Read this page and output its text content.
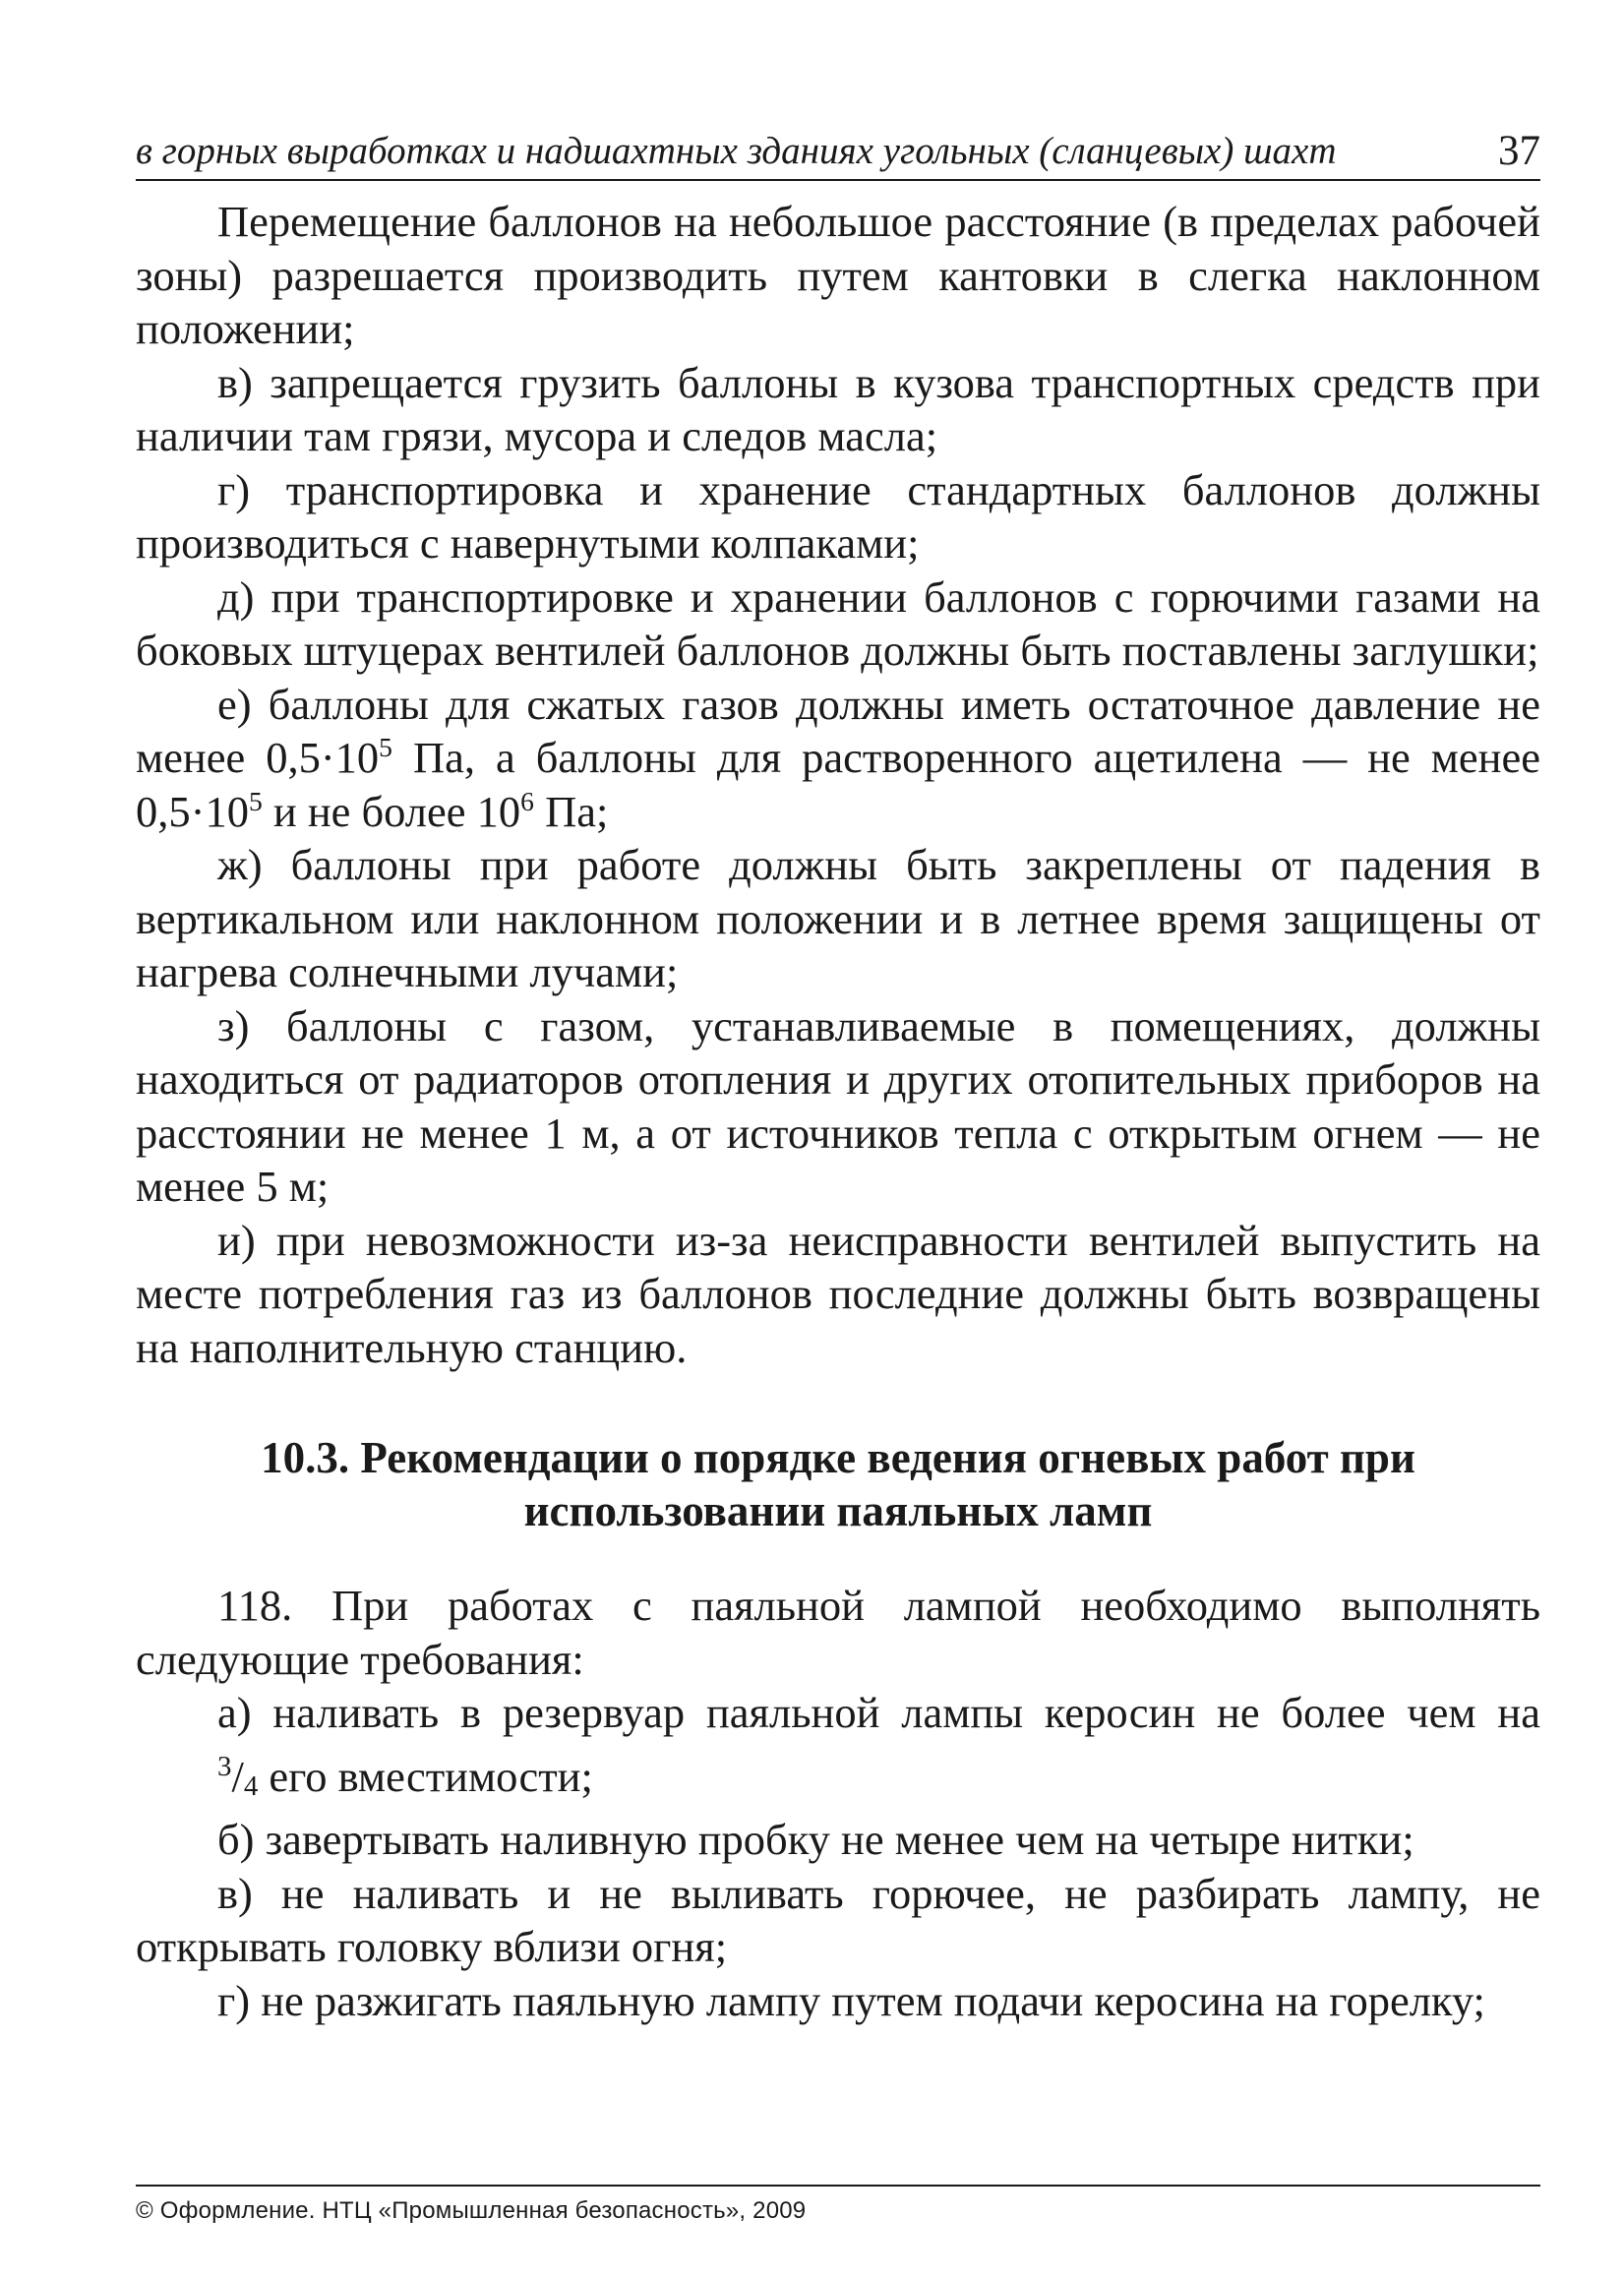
в горных выработках и надшахтных зданиях угольных (сланцевых) шахт	37

Перемещение баллонов на небольшое расстояние (в пределах рабочей зоны) разрешается производить путем кантовки в слегка наклонном положении;

в) запрещается грузить баллоны в кузова транспортных средств при наличии там грязи, мусора и следов масла;

г) транспортировка и хранение стандартных баллонов должны производиться с навернутыми колпаками;

д) при транспортировке и хранении баллонов с горючими газами на боковых штуцерах вентилей баллонов должны быть поставлены заглушки;

е) баллоны для сжатых газов должны иметь остаточное давление не менее $0,5\cdot 10^5$ Па, а баллоны для растворенного ацетилена — не менее $0,5\cdot 10^5$ и не более $10^6$ Па;

ж) баллоны при работе должны быть закреплены от падения в вертикальном или наклонном положении и в летнее время защищены от нагрева солнечными лучами;

з) баллоны с газом, устанавливаемые в помещениях, должны находиться от радиаторов отопления и других отопительных приборов на расстоянии не менее 1 м, а от источников тепла с открытым огнем — не менее 5 м;

и) при невозможности из-за неисправности вентилей выпустить на месте потребления газ из баллонов последние должны быть возвращены на наполнительную станцию.

10.3. Рекомендации о порядке ведения огневых работ при
использовании паяльных ламп

118. При работах с паяльной лампой необходимо выполнять следующие требования:

а) наливать в резервуар паяльной лампы керосин не более чем на $^3$/4 его вместимости;

б) завертывать наливную пробку не менее чем на четыре нитки;

в) не наливать и не выливать горючее, не разбирать лампу, не открывать головку вблизи огня;

г) не разжигать паяльную лампу путем подачи керосина на горелку;

© Оформление. НТЦ «Промышленная безопасность», 2009
